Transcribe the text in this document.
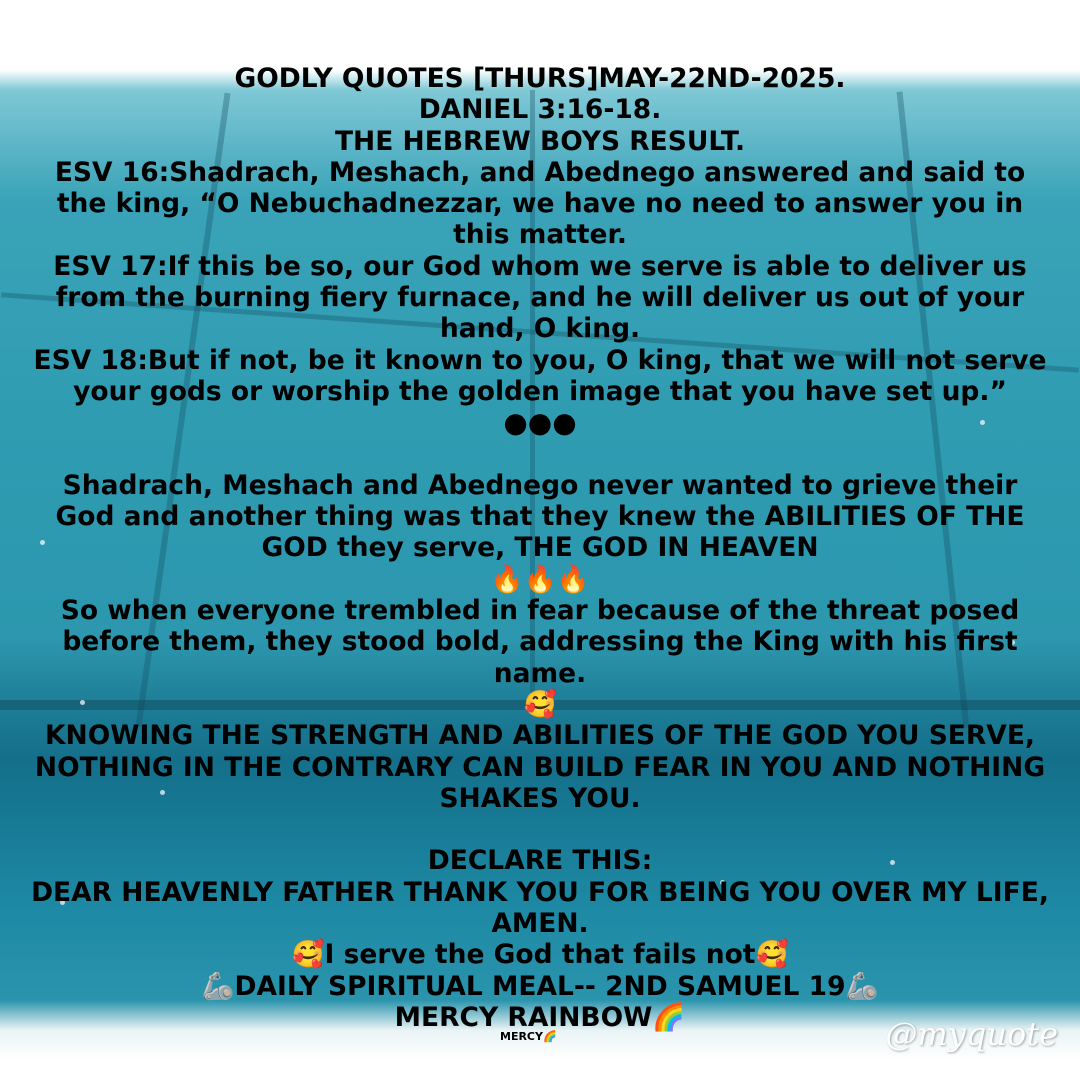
GODLY QUOTES [THURS]MAY-22ND-2025.
DANIEL 3:16-18.
THE HEBREW BOYS RESULT.
ESV 16:Shadrach, Meshach, and Abednego answered and said to
the king, “O Nebuchadnezzar, we have no need to answer you in
this matter.
ESV 17:If this be so, our God whom we serve is able to deliver us
from the burning fiery furnace, and he will deliver us out of your
hand, O king.
ESV 18:But if not, be it known to you, O king, that we will not serve
your gods or worship the golden image that you have set up.”
●●●
Shadrach, Meshach and Abednego never wanted to grieve their
God and another thing was that they knew the ABILITIES OF THE
GOD they serve, THE GOD IN HEAVEN
🔥🔥🔥
So when everyone trembled in fear because of the threat posed
before them, they stood bold, addressing the King with his first
name.
🥰
KNOWING THE STRENGTH AND ABILITIES OF THE GOD YOU SERVE,
NOTHING IN THE CONTRARY CAN BUILD FEAR IN YOU AND NOTHING
SHAKES YOU.
DECLARE THIS:
DEAR HEAVENLY FATHER THANK YOU FOR BEING YOU OVER MY LIFE,
AMEN.
🥰I serve the God that fails not🥰
🦾DAILY SPIRITUAL MEAL-- 2ND SAMUEL 19🦾
MERCY RAINBOW🌈
MERCY🌈	@myquote
